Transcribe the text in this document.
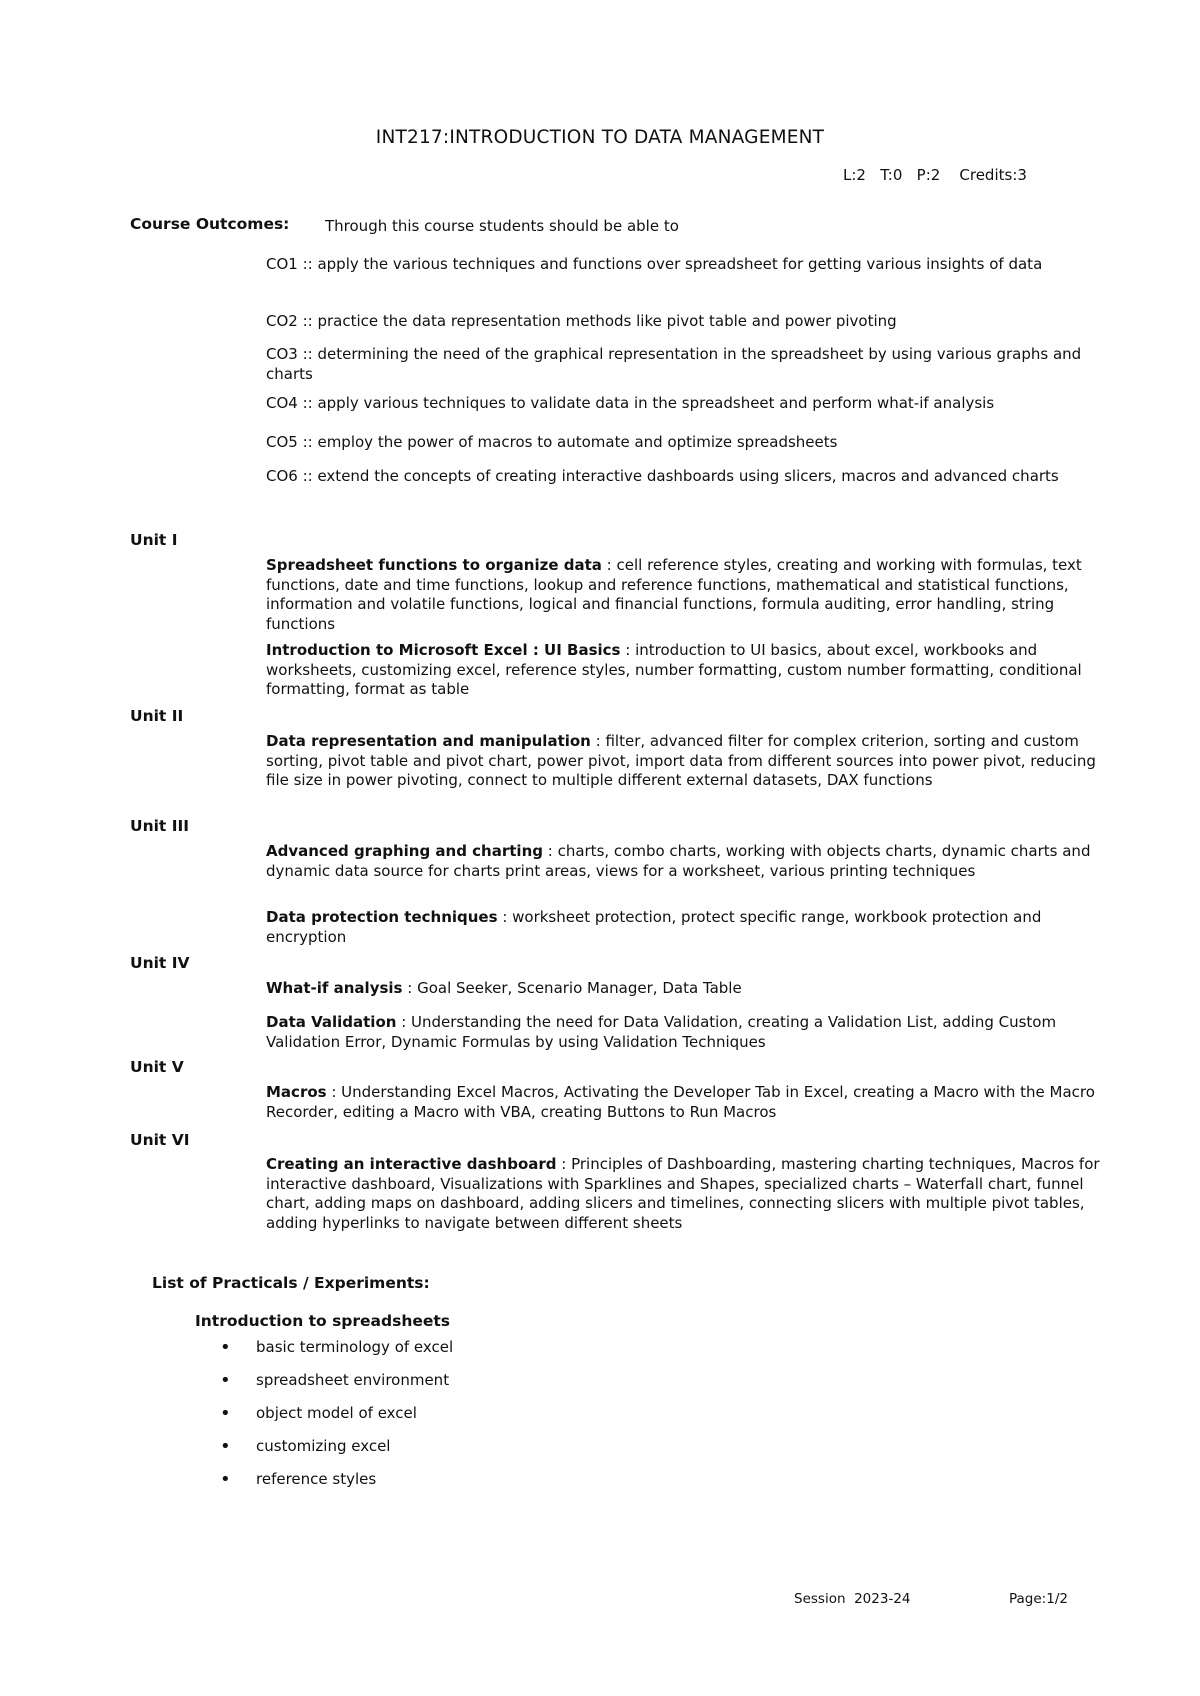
INT217:INTRODUCTION TO DATA MANAGEMENT
L:2   T:0   P:2    Credits:3
Course Outcomes: Through this course students should be able to
CO1 :: apply the various techniques and functions over spreadsheet for getting various insights of data
CO2 :: practice the data representation methods like pivot table and power pivoting
CO3 :: determining the need of the graphical representation in the spreadsheet by using various graphs and charts
CO4 :: apply various techniques to validate data in the spreadsheet and perform what-if analysis
CO5 :: employ the power of macros to automate and optimize spreadsheets
CO6 :: extend the concepts of creating interactive dashboards using slicers, macros and advanced charts
Unit I
Spreadsheet functions to organize data : cell reference styles, creating and working with formulas, text functions, date and time functions, lookup and reference functions, mathematical and statistical functions, information and volatile functions, logical and financial functions, formula auditing, error handling, string functions
Introduction to Microsoft Excel : UI Basics : introduction to UI basics, about excel, workbooks and worksheets, customizing excel, reference styles, number formatting, custom number formatting, conditional formatting, format as table
Unit II
Data representation and manipulation : filter, advanced filter for complex criterion, sorting and custom sorting, pivot table and pivot chart, power pivot, import data from different sources into power pivot, reducing file size in power pivoting, connect to multiple different external datasets, DAX functions
Unit III
Advanced graphing and charting : charts, combo charts, working with objects charts, dynamic charts and dynamic data source for charts print areas, views for a worksheet, various printing techniques
Data protection techniques : worksheet protection, protect specific range, workbook protection and encryption
Unit IV
What-if analysis : Goal Seeker, Scenario Manager, Data Table
Data Validation : Understanding the need for Data Validation, creating a Validation List, adding Custom Validation Error, Dynamic Formulas by using Validation Techniques
Unit V
Macros : Understanding Excel Macros, Activating the Developer Tab in Excel, creating a Macro with the Macro Recorder, editing a Macro with VBA, creating Buttons to Run Macros
Unit VI
Creating an interactive dashboard : Principles of Dashboarding, mastering charting techniques, Macros for interactive dashboard, Visualizations with Sparklines and Shapes, specialized charts – Waterfall chart, funnel chart, adding maps on dashboard, adding slicers and timelines, connecting slicers with multiple pivot tables, adding hyperlinks to navigate between different sheets
List of Practicals / Experiments:
Introduction to spreadsheets
• basic terminology of excel
• spreadsheet environment
• object model of excel
• customizing excel
• reference styles
Session  2023-24	Page:1/2
